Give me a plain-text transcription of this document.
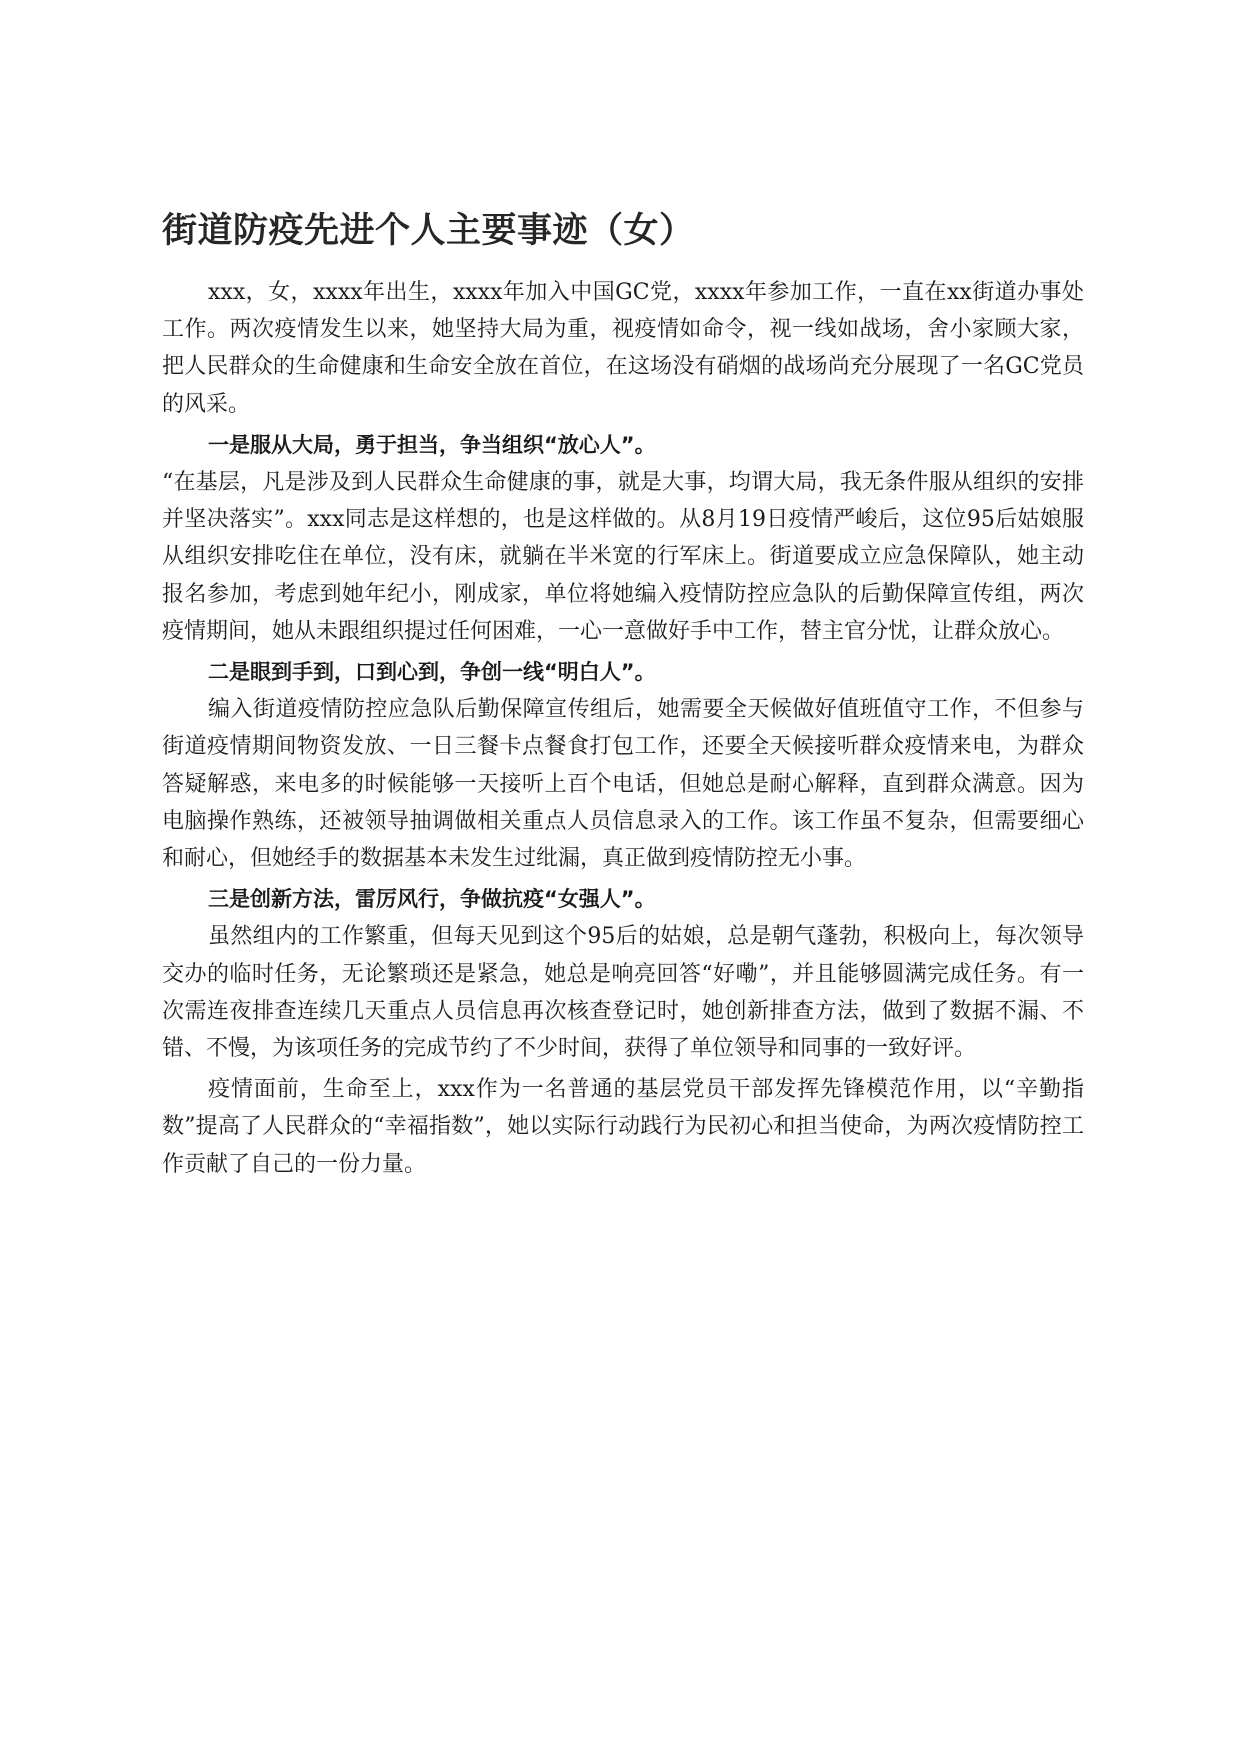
街道防疫先进个人主要事迹（女）

xxx，女，xxxx年出生，xxxx年加入中国GC党，xxxx年参加工作，一直在xx街道办事处工作。两次疫情发生以来，她坚持大局为重，视疫情如命令，视一线如战场，舍小家顾大家，把人民群众的生命健康和生命安全放在首位，在这场没有硝烟的战场尚充分展现了一名GC党员的风采。

一是服从大局，勇于担当，争当组织“放心人”。

“在基层，凡是涉及到人民群众生命健康的事，就是大事，均谓大局，我无条件服从组织的安排并坚决落实”。xxx同志是这样想的，也是这样做的。从8月19日疫情严峻后，这位95后姑娘服从组织安排吃住在单位，没有床，就躺在半米宽的行军床上。街道要成立应急保障队，她主动报名参加，考虑到她年纪小，刚成家，单位将她编入疫情防控应急队的后勤保障宣传组，两次疫情期间，她从未跟组织提过任何困难，一心一意做好手中工作，替主官分忧，让群众放心。

二是眼到手到，口到心到，争创一线“明白人”。

编入街道疫情防控应急队后勤保障宣传组后，她需要全天候做好值班值守工作，不但参与街道疫情期间物资发放、一日三餐卡点餐食打包工作，还要全天候接听群众疫情来电，为群众答疑解惑，来电多的时候能够一天接听上百个电话，但她总是耐心解释，直到群众满意。因为电脑操作熟练，还被领导抽调做相关重点人员信息录入的工作。该工作虽不复杂，但需要细心和耐心，但她经手的数据基本未发生过纰漏，真正做到疫情防控无小事。

三是创新方法，雷厉风行，争做抗疫“女强人”。

虽然组内的工作繁重，但每天见到这个95后的姑娘，总是朝气蓬勃，积极向上，每次领导交办的临时任务，无论繁琐还是紧急，她总是响亮回答“好嘞”，并且能够圆满完成任务。有一次需连夜排查连续几天重点人员信息再次核查登记时，她创新排查方法，做到了数据不漏、不错、不慢，为该项任务的完成节约了不少时间，获得了单位领导和同事的一致好评。

疫情面前，生命至上，xxx作为一名普通的基层党员干部发挥先锋模范作用，以“辛勤指数”提高了人民群众的“幸福指数”，她以实际行动践行为民初心和担当使命，为两次疫情防控工作贡献了自己的一份力量。
